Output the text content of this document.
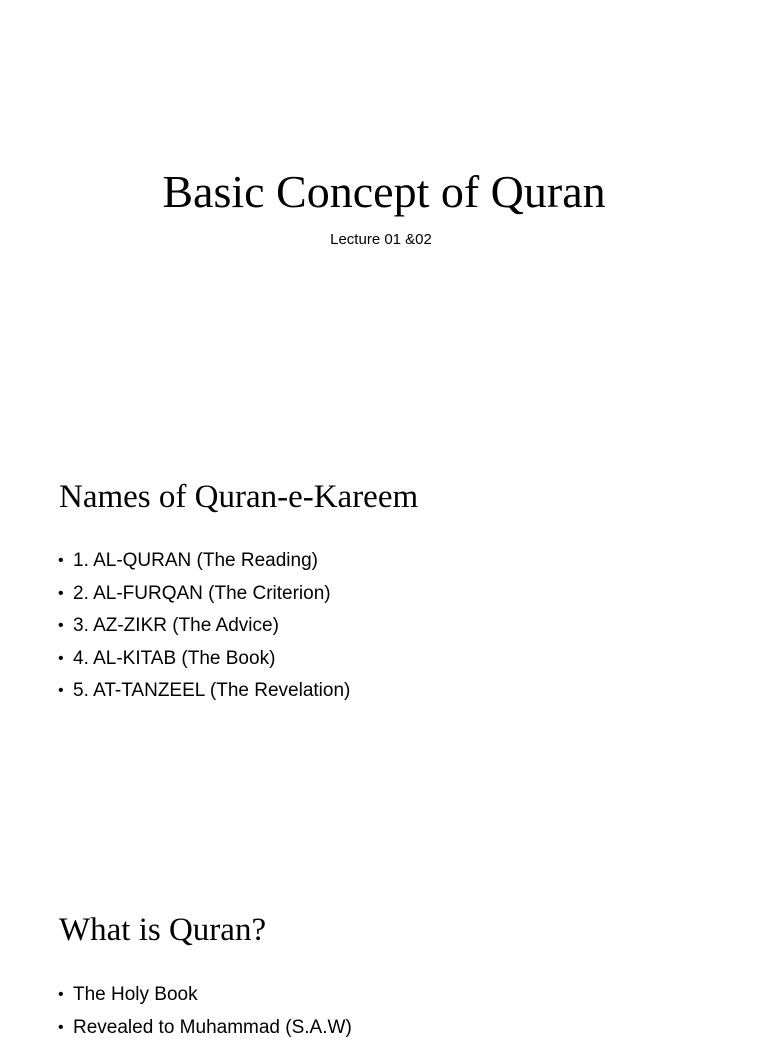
Basic Concept of Quran
Lecture 01 &02
Names of Quran-e-Kareem
• 1. AL-QURAN (The Reading)
• 2. AL-FURQAN (The Criterion)
• 3. AZ-ZIKR (The Advice)
• 4. AL-KITAB (The Book)
• 5. AT-TANZEEL (The Revelation)
What is Quran?
• The Holy Book
• Revealed to Muhammad (S.A.W)
